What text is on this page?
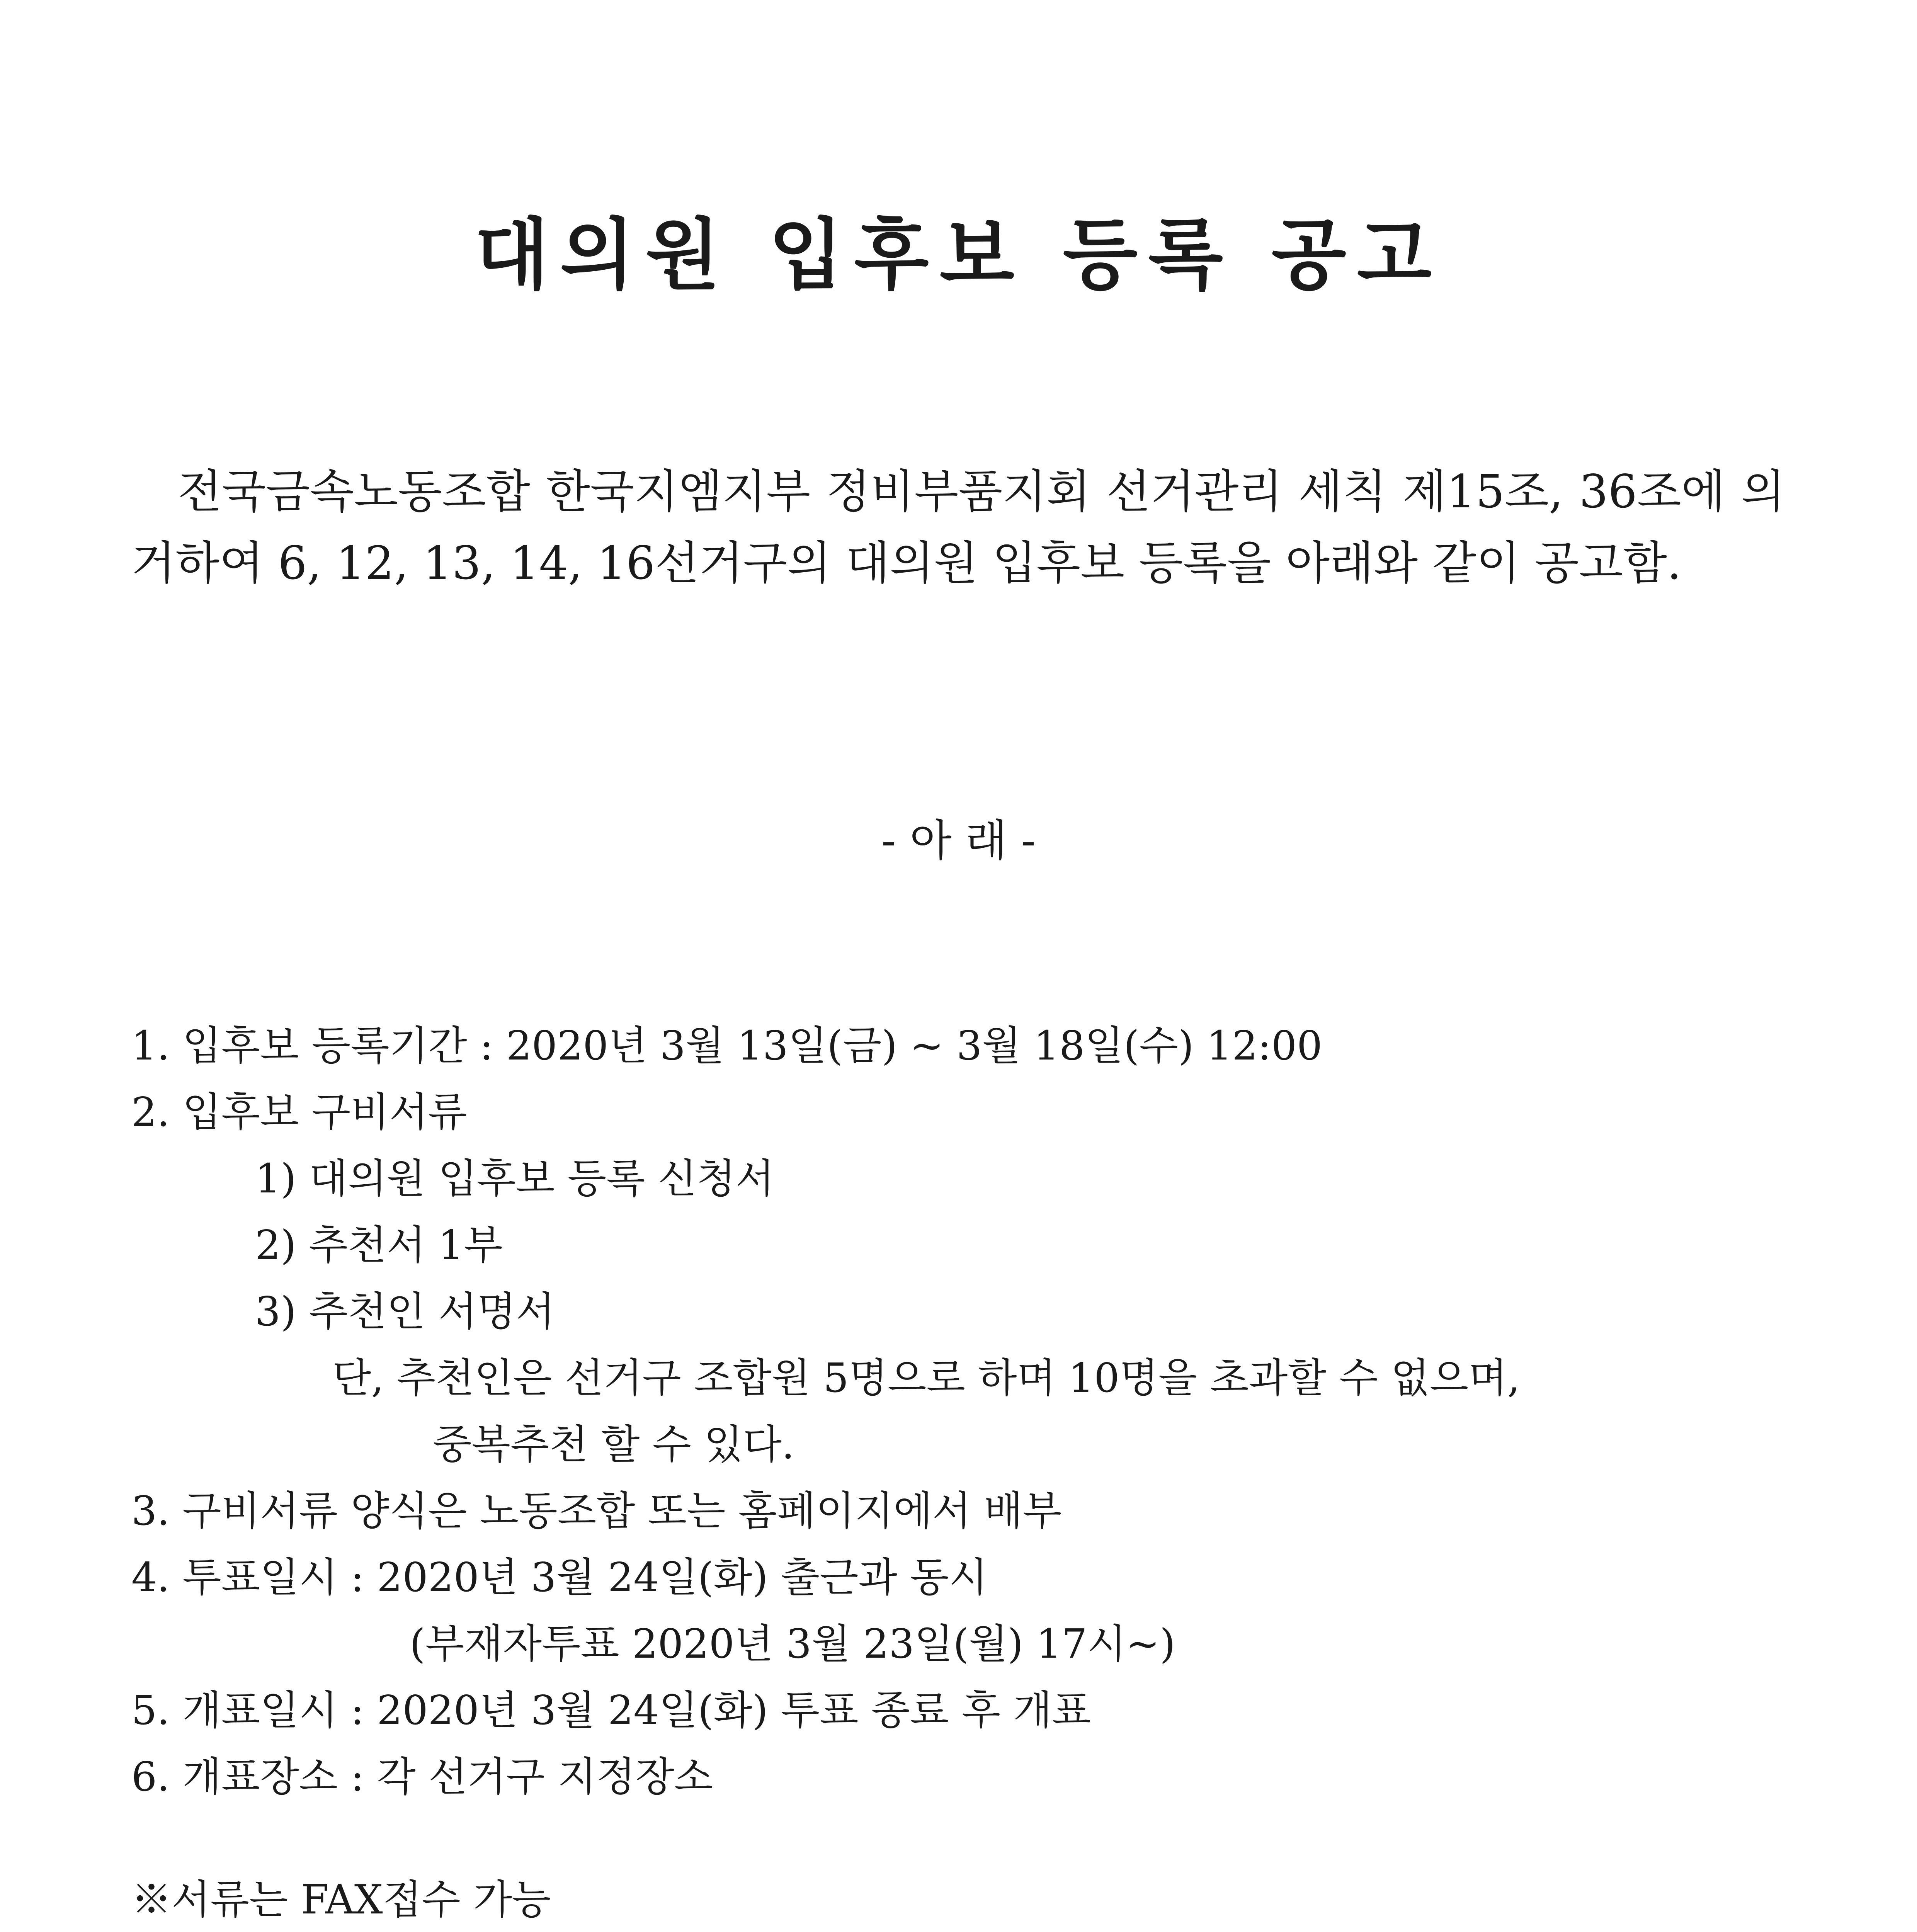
대의원 입후보 등록 공고

전국금속노동조합 한국지엠지부 정비부품지회 선거관리 세칙 제15조, 36조에 의거하여 6, 12, 13, 14, 16선거구의 대의원 입후보 등록을 아래와 같이 공고함.

- 아 래 -
1. 입후보 등록기간 : 2020년 3월 13일(금) ~ 3월 18일(수) 12:00
2. 입후보 구비서류
1) 대의원 입후보 등록 신청서
2) 추천서 1부
3) 추천인 서명서
단, 추천인은 선거구 조합원 5명으로 하며 10명을 초과할 수 없으며,
중복추천 할 수 있다.
3. 구비서류 양식은 노동조합 또는 홈페이지에서 배부
4. 투표일시 : 2020년 3월 24일(화) 출근과 동시
(부재자투표 2020년 3월 23일(월) 17시~)
5. 개표일시 : 2020년 3월 24일(화) 투표 종료 후 개표
6. 개표장소 : 각 선거구 지정장소
※서류는 FAX접수 가능
